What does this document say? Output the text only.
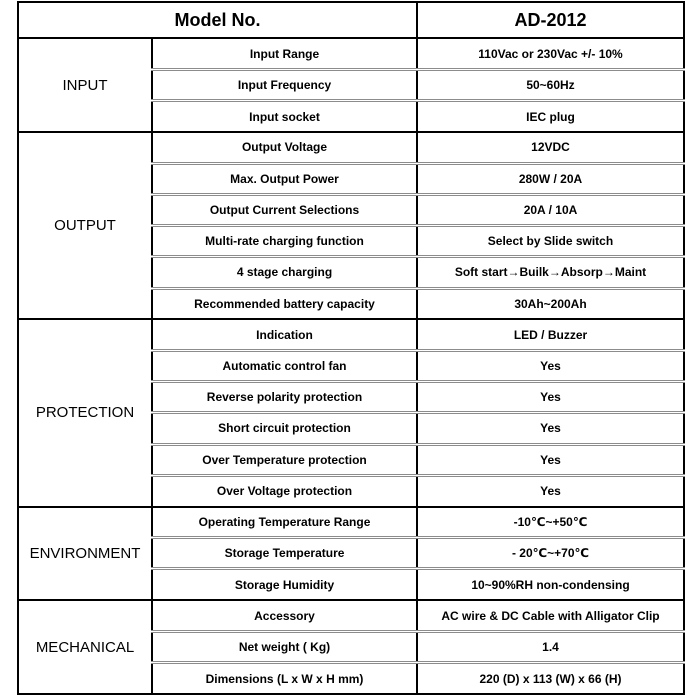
Model No.		AD-2012
INPUT	Input Range	110Vac or 230Vac +/- 10%
	Input Frequency	50~60Hz
	Input socket	IEC plug
OUTPUT	Output Voltage	12VDC
	Max. Output Power	280W / 20A
	Output Current Selections	20A / 10A
	Multi-rate charging function	Select by Slide switch
	4 stage charging	Soft start→Builk→Absorp→Maint
	Recommended battery capacity	30Ah~200Ah
PROTECTION	Indication	LED / Buzzer
	Automatic control fan	Yes
	Reverse polarity protection	Yes
	Short circuit protection	Yes
	Over Temperature protection	Yes
	Over Voltage protection	Yes
ENVIRONMENT	Operating Temperature Range	-10℃~+50℃
	Storage Temperature	- 20℃~+70℃
	Storage Humidity	10~90%RH non-condensing
MECHANICAL	Accessory	AC wire & DC Cable with Alligator Clip
	Net weight ( Kg)	1.4
	Dimensions (L x W x H mm)	220 (D) x 113 (W) x 66 (H)
